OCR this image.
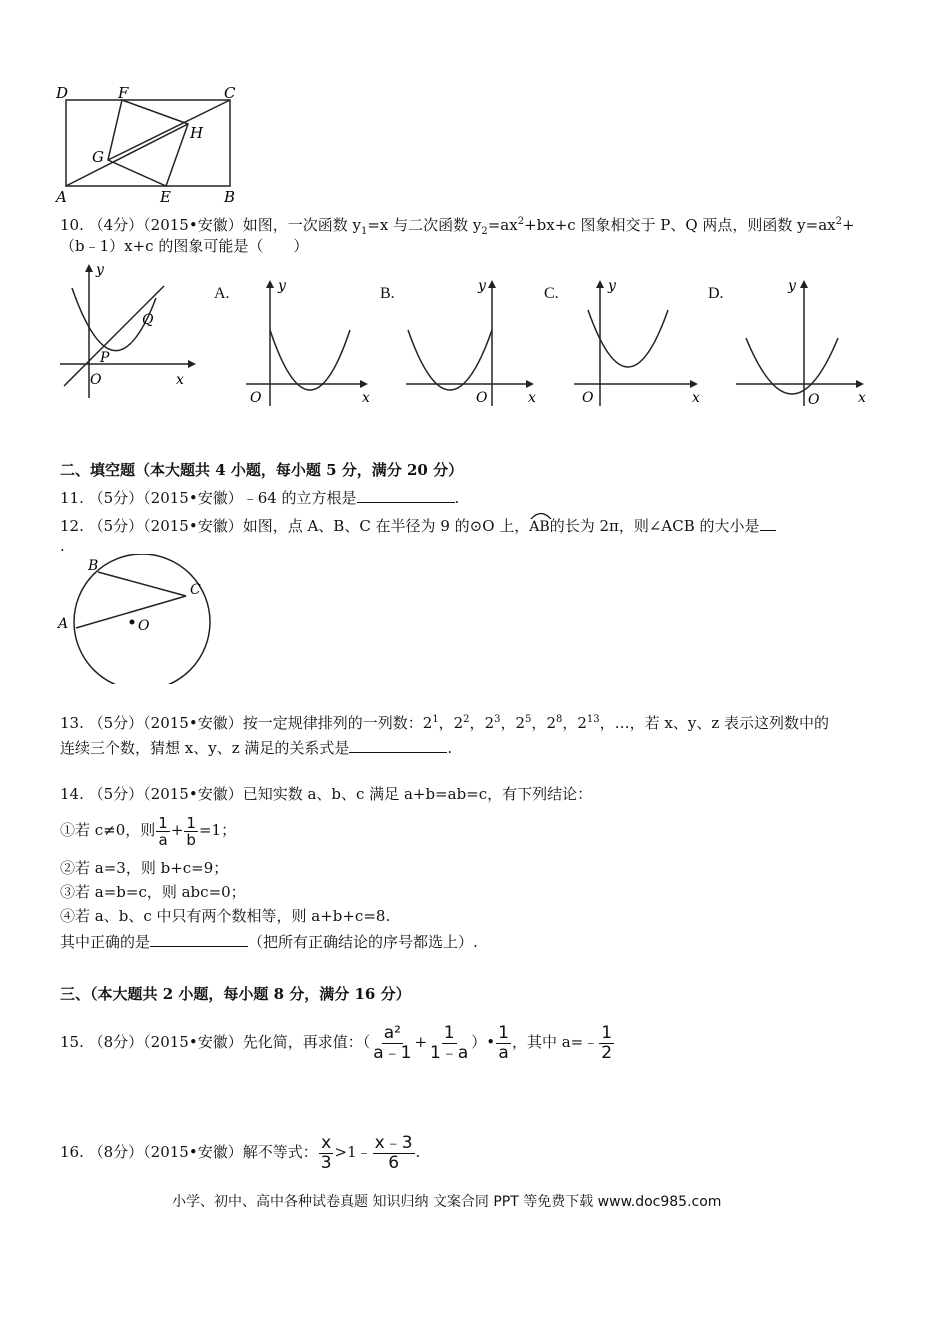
D	F	C
H
G
A	E	B
10. （4分）（2015•安徽）如图，一次函数 $y_1=x$ 与二次函数 $y_2=ax^2+bx+c$ 图象相交于 P、Q 两点，则函数 $y=ax^2+$
（b﹣1）x+c 的图象可能是（　　）
y
x
O
P
Q
A.	y
x
O
B.	y
x
O
C.	y
x
O
D.	y
x
O
二、填空题（本大题共 4 小题，每小题 5 分，满分 20 分）
11. （5分）（2015•安徽）﹣64 的立方根是	.
12. （5分）（2015•安徽）如图，点 A、B、C 在半径为 9 的⊙O 上，
AB的长为 2π，则∠ACB 的大小是
.
B
C
A	O
13. （5分）（2015•安徽）按一定规律排列的一列数：$2^1$，$2^2$，$2^3$，$2^5$，$2^8$，$2^{13}$，…，若 x、y、z 表示这列数中的
连续三个数，猜想 x、y、z 满足的关系式是	.
14. （5分）（2015•安徽）已知实数 a、b、c 满足 a+b=ab=c，有下列结论：
①若 c≠0，则 $\frac{1}{a} + \frac{1}{b} =1$；
②若 a=3，则 b+c=9；
③若 a=b=c，则 abc=0；
④若 a、b、c 中只有两个数相等，则 a+b+c=8.
其中正确的是	（把所有正确结论的序号都选上）.
三、（本大题共 2 小题，每小题 8 分，满分 16 分）
15. （8分）（2015•安徽）先化简，再求值：（ $\frac{\text{a²}}{a﹣1} + \frac{1}{1﹣a}$ ）• $\frac{1}{a}$ ，其中 a=﹣ $\frac{1}{2}$
16. （8分）（2015•安徽）解不等式： $\frac{x}{3}$ >1﹣ $\frac{x﹣3}{6}$ .
小学、初中、高中各种试卷真题 知识归纳 文案合同 PPT 等免费下载 www.doc985.com
